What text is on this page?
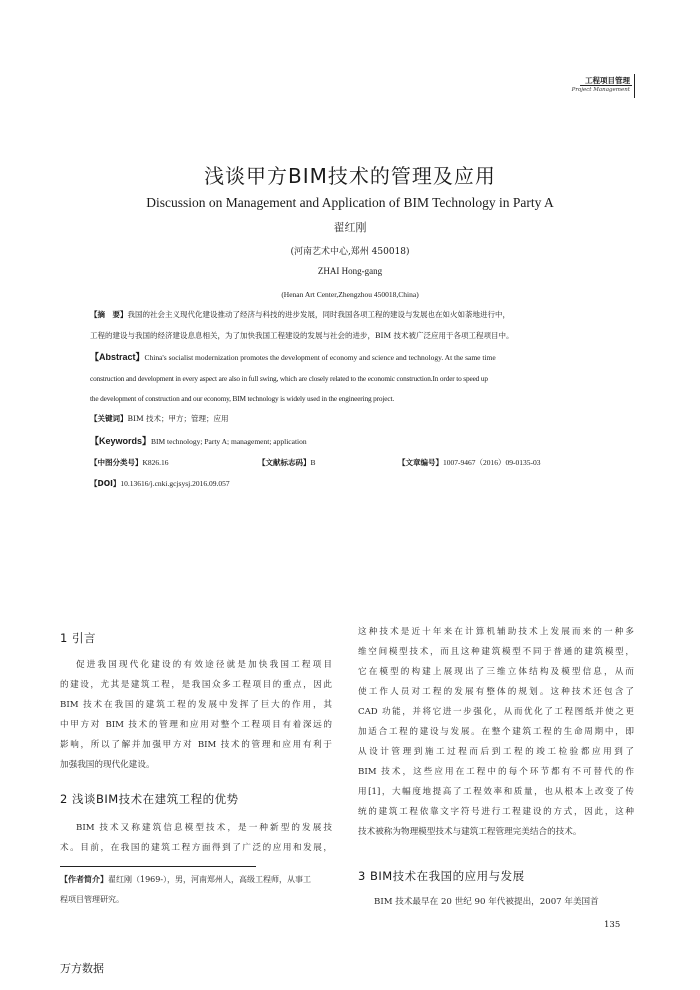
工程项目管理
Project Management
浅谈甲方BIM技术的管理及应用
Discussion on Management and Application of BIM Technology in Party A
翟红刚
(河南艺术中心,郑州 450018)
ZHAI Hong-gang
(Henan Art Center,Zhengzhou 450018,China)
【摘　要】我国的社会主义现代化建设推动了经济与科技的进步发展，同时我国各项工程的建设与发展也在如火如荼地进行中，
工程的建设与我国的经济建设息息相关，为了加快我国工程建设的发展与社会的进步，BIM 技术被广泛应用于各项工程项目中。
【Abstract】China's socialist modernization promotes the development of economy and science and technology. At the same time
construction and development in every aspect are also in full swing, which are closely related to the economic construction.In order to speed up
the development of construction and our economy, BIM technology is widely used in the engineering project.
【关键词】BIM 技术；甲方；管理；应用
【Keywords】BIM technology; Party A; management; application
【中图分类号】K826.16	【文献标志码】B	【文章编号】1007-9467（2016）09-0135-03
【DOI】10.13616/j.cnki.gcjsysj.2016.09.057
1 引言
促进我国现代化建设的有效途径就是加快我国工程项目
的建设，尤其是建筑工程，是我国众多工程项目的重点，因此
BIM 技术在我国的建筑工程的发展中发挥了巨大的作用，其
中甲方对 BIM 技术的管理和应用对整个工程项目有着深远的
影响，所以了解并加强甲方对 BIM 技术的管理和应用有利于
加强我国的现代化建设。
2 浅谈BIM技术在建筑工程的优势
BIM 技术又称建筑信息模型技术，是一种新型的发展技
术。目前，在我国的建筑工程方面得到了广泛的应用和发展，
【作者简介】翟红刚（1969-），男，河南郑州人，高级工程师，从事工
程项目管理研究。
这种技术是近十年来在计算机辅助技术上发展而来的一种多
维空间模型技术，而且这种建筑模型不同于普通的建筑模型，
它在模型的构建上展现出了三维立体结构及模型信息，从而
使工作人员对工程的发展有整体的规划。这种技术还包含了
CAD 功能，并将它进一步强化，从而优化了工程图纸并使之更
加适合工程的建设与发展。在整个建筑工程的生命周期中，即
从设计管理到施工过程而后到工程的竣工检验都应用到了
BIM 技术，这些应用在工程中的每个环节都有不可替代的作
用[1]，大幅度地提高了工程效率和质量，也从根本上改变了传
统的建筑工程依靠文字符号进行工程建设的方式，因此，这种
技术被称为物理模型技术与建筑工程管理完美结合的技术。
3 BIM技术在我国的应用与发展
BIM 技术最早在 20 世纪 90 年代被提出，2007 年美国首
135
万方数据
